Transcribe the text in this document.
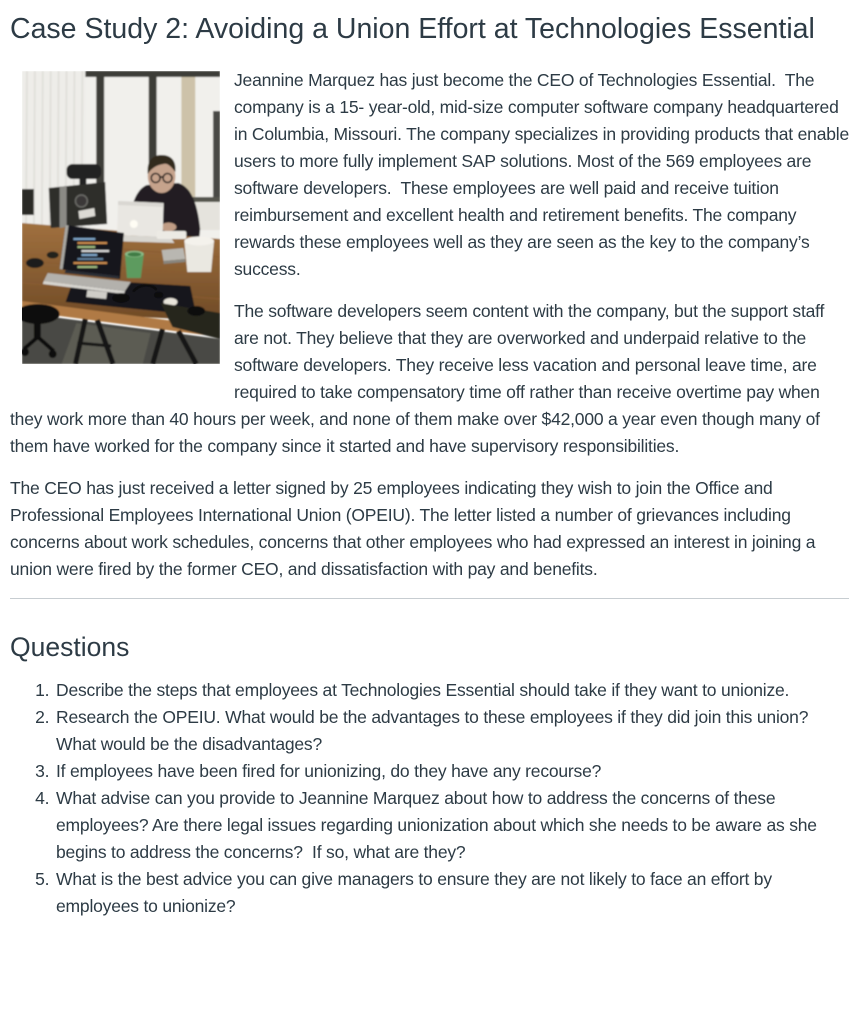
Case Study 2: Avoiding a Union Effort at Technologies Essential

Jeannine Marquez has just become the CEO of Technologies Essential.  The company is a 15- year-old, mid-size computer software company headquartered in Columbia, Missouri. The company specializes in providing products that enable users to more fully implement SAP solutions. Most of the 569 employees are software developers.  These employees are well paid and receive tuition reimbursement and excellent health and retirement benefits. The company rewards these employees well as they are seen as the key to the company’s success.

The software developers seem content with the company, but the support staff are not. They believe that they are overworked and underpaid relative to the software developers. They receive less vacation and personal leave time, are required to take compensatory time off rather than receive overtime pay when they work more than 40 hours per week, and none of them make over $42,000 a year even though many of them have worked for the company since it started and have supervisory responsibilities.

The CEO has just received a letter signed by 25 employees indicating they wish to join the Office and Professional Employees International Union (OPEIU). The letter listed a number of grievances including concerns about work schedules, concerns that other employees who had expressed an interest in joining a union were fired by the former CEO, and dissatisfaction with pay and benefits.

Questions
1. Describe the steps that employees at Technologies Essential should take if they want to unionize.
2. Research the OPEIU. What would be the advantages to these employees if they did join this union? What would be the disadvantages?
3. If employees have been fired for unionizing, do they have any recourse?
4. What advise can you provide to Jeannine Marquez about how to address the concerns of these employees? Are there legal issues regarding unionization about which she needs to be aware as she begins to address the concerns?  If so, what are they?
5. What is the best advice you can give managers to ensure they are not likely to face an effort by employees to unionize?
